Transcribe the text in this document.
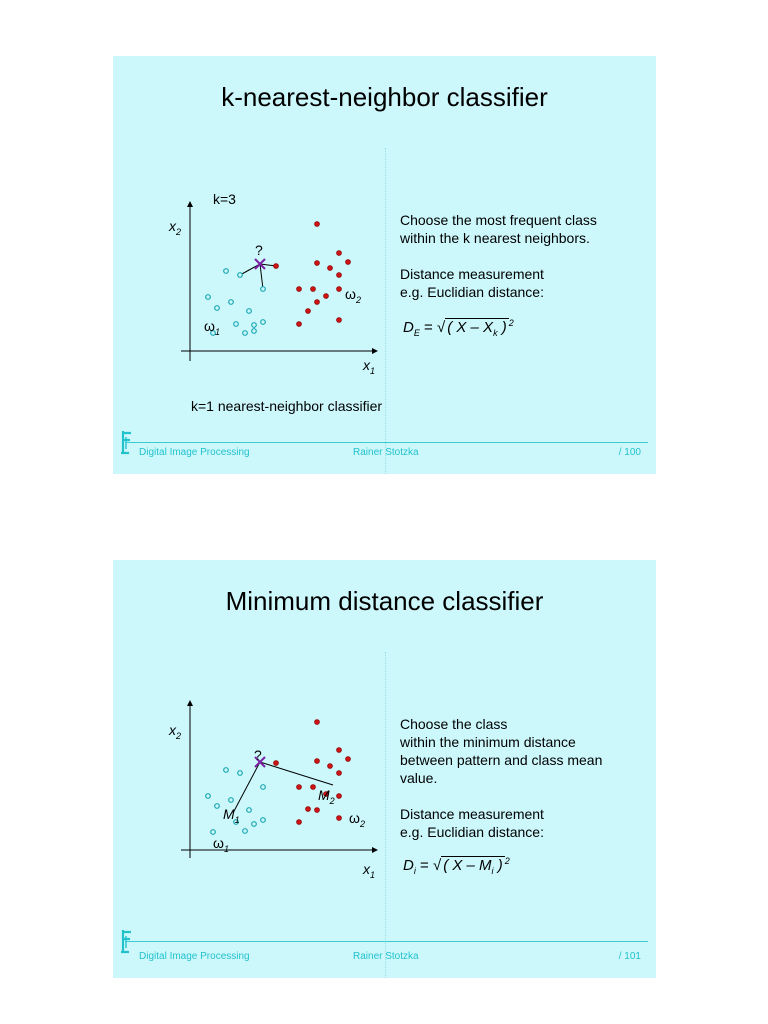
k-nearest-neighbor classifier
k=3
$x_2$
$x_1$
?
$\omega_1$
$\omega_2$
Choose the most frequent class
within the k nearest neighbors.
Distance measurement
e.g. Euclidian distance:
$D_E$ = √ ( X – $X_k$ ) $^2$
k=1 nearest-neighbor classifier
Digital Image Processing	Rainer Stotzka	/ 100
Minimum distance classifier
$x_2$
$x_1$
?
$M_1$
$M_2$
$\omega_1$
$\omega_2$
Choose the class
within the minimum distance
between pattern and class mean
value.
Distance measurement
e.g. Euclidian distance:
$D_i$ = √ ( X – $M_i$ ) $^2$
Digital Image Processing	Rainer Stotzka	/ 101
